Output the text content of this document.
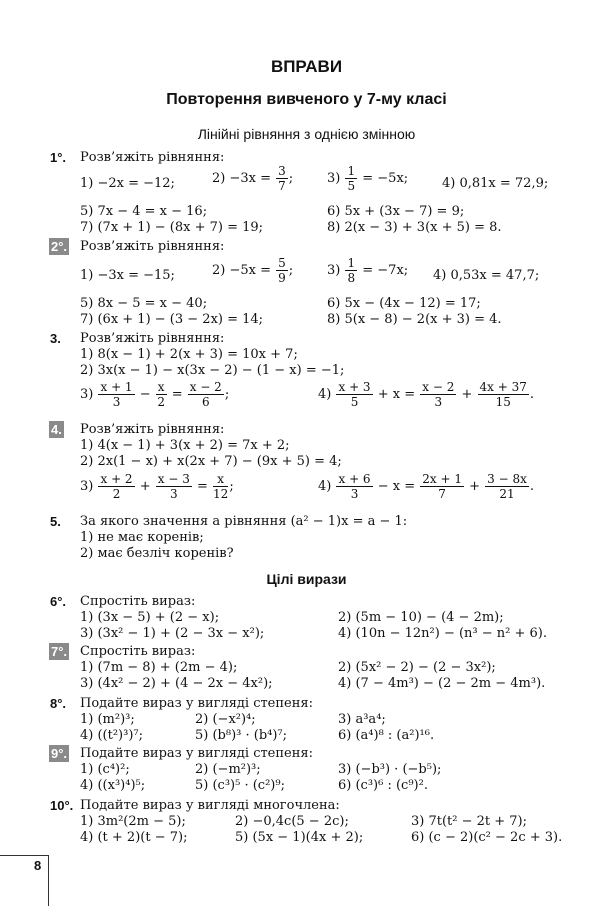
ВПРАВИ
Повторення вивченого у 7-му класі
Лінійні рівняння з однією змінною
1°. Розв’яжіть рівняння:
1) −2x = −12;	$2) -3x = \frac{3}{7}$ ;	$3) \frac{1}{5} = -5x$;	4) 0,81x = 72,9;
5) 7x − 4 = x − 16;	6) 5x + (3x − 7) = 9;
7) (7x + 1) − (8x + 7) = 19;	8) 2(x − 3) + 3(x + 5) = 8.
2°. Розв’яжіть рівняння:
1) −3x = −15;	$2) -5x = \frac{5}{9}$ ;	$3) \frac{1}{8} = -7x$; 4) 0,53x = 47,7;
5) 8x − 5 = x − 40;	6) 5x − (4x − 12) = 17;
7) (6x + 1) − (3 − 2x) = 14;	8) 5(x − 8) − 2(x + 3) = 4.
3. Розв’яжіть рівняння:
1) 8(x − 1) + 2(x + 3) = 10x + 7;
2) 3x(x − 1) − x(3x − 2) − (1 − x) = −1;
$3) \frac{x + 1}{3} - \frac{x}{2} = \frac{x - 2}{6}$ ;	$4) \frac{x + 3}{5} + x = \frac{x - 2}{3} + \frac{4x + 37}{15}$ .
4. Розв’яжіть рівняння:
1) 4(x − 1) + 3(x + 2) = 7x + 2;
2) 2x(1 − x) + x(2x + 7) − (9x + 5) = 4;
$3) \frac{x + 2}{2} + \frac{x - 3}{3} = \frac{x}{12}$ ;	$4) \frac{x + 6}{3} - x = \frac{2x + 1}{7} + \frac{3 - 8x}{21}$ .
5. За якого значення a рівняння (a² − 1)x = a − 1:
1) не має коренів;
2) має безліч коренів?
Цілі вирази
6°. Спростіть вираз:
1) (3x − 5) + (2 − x);	2) (5m − 10) − (4 − 2m);
3) (3x² − 1) + (2 − 3x − x²);	4) (10n − 12n²) − (n³ − n² + 6).
7°. Спростіть вираз:
1) (7m − 8) + (2m − 4);	2) (5x² − 2) − (2 − 3x²);
3) (4x² − 2) + (4 − 2x − 4x²);	4) (7 − 4m³) − (2 − 2m − 4m³).
8°. Подайте вираз у вигляді степеня:
1) (m²)³;	2) (−x²)⁴;	3) a³a⁴;
4) ((t²)³)⁷;	5) (b⁸)³ · (b⁴)⁷;	6) (a⁴)⁸ : (a²)¹⁶.
9°. Подайте вираз у вигляді степеня:
1) (c⁴)²;	2) (−m²)³;	3) (−b³) · (−b⁵);
4) ((x³)⁴)⁵;	5) (c³)⁵ · (c²)⁹;	6) (c³)⁶ : (c⁹)².
10°. Подайте вираз у вигляді многочлена:
1) 3m²(2m − 5);	2) −0,4c(5 − 2c);	3) 7t(t² − 2t + 7);
4) (t + 2)(t − 7);	5) (5x − 1)(4x + 2);	6) (c − 2)(c² − 2c + 3).
8
